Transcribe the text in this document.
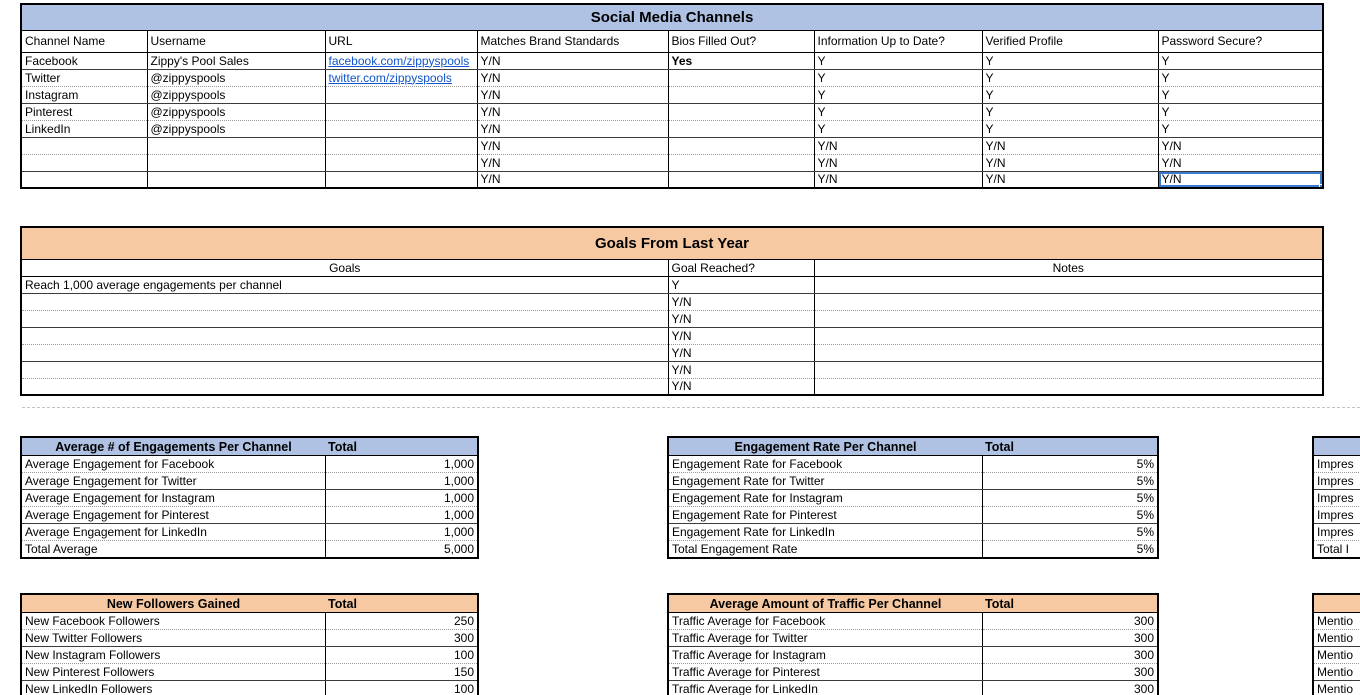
Social Media Channels							
Channel Name	Username	URL	Matches Brand Standards	Bios Filled Out?	Information Up to Date?	Verified Profile	Password Secure?
Facebook	Zippy's Pool Sales	facebook.com/zippyspools	Y/N	Yes	Y	Y	Y
Twitter	@zippyspools	twitter.com/zippyspools	Y/N		Y	Y	Y
Instagram	@zippyspools		Y/N		Y	Y	Y
Pinterest	@zippyspools		Y/N		Y	Y	Y
LinkedIn	@zippyspools		Y/N		Y	Y	Y
			Y/N		Y/N	Y/N	Y/N
			Y/N		Y/N	Y/N	Y/N
			Y/N		Y/N	Y/N	Y/N
Goals From Last Year		
Goals	Goal Reached?	Notes
Reach 1,000 average engagements per channel	Y	
	Y/N	
	Y/N	
	Y/N	
	Y/N	
	Y/N	
	Y/N	
Average # of Engagements Per Channel	Total
Average Engagement for Facebook	1,000
Average Engagement for Twitter	1,000
Average Engagement for Instagram	1,000
Average Engagement for Pinterest	1,000
Average Engagement for LinkedIn	1,000
Total Average	5,000
Engagement Rate Per Channel	Total
Engagement Rate for Facebook	5%
Engagement Rate for Twitter	5%
Engagement Rate for Instagram	5%
Engagement Rate for Pinterest	5%
Engagement Rate for LinkedIn	5%
Total Engagement Rate	5%

Impres	
Impres	
Impres	
Impres	
Impres	
Total I	
New Followers Gained	Total
New Facebook Followers	250
New Twitter Followers	300
New Instagram Followers	100
New Pinterest Followers	150
New LinkedIn Followers	100
Average Amount of Traffic Per Channel	Total
Traffic Average for Facebook	300
Traffic Average for Twitter	300
Traffic Average for Instagram	300
Traffic Average for Pinterest	300
Traffic Average for LinkedIn	300

Mentio	
Mentio	
Mentio	
Mentio	
Mentio	
